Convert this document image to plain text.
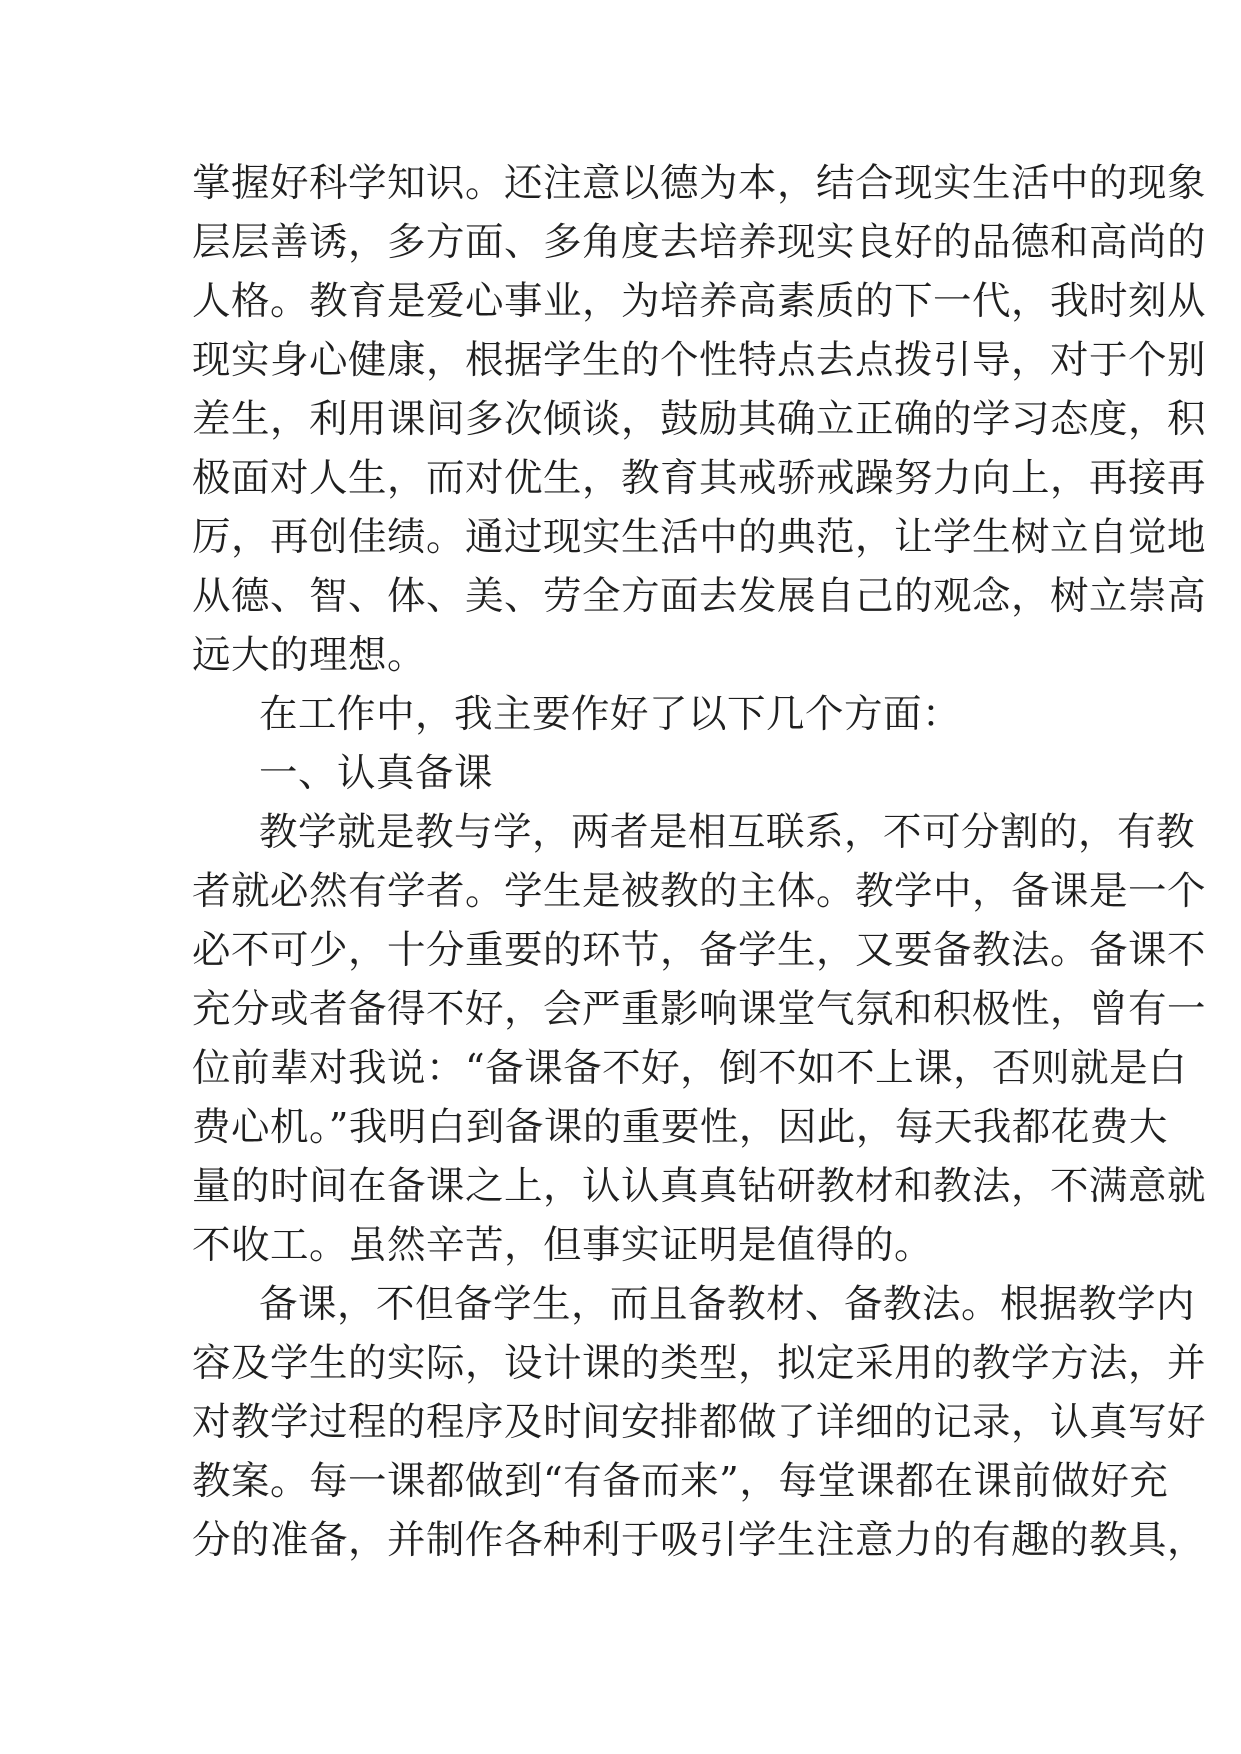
掌握好科学知识。还注意以德为本，结合现实生活中的现象
层层善诱，多方面、多角度去培养现实良好的品德和高尚的
人格。教育是爱心事业，为培养高素质的下一代，我时刻从
现实身心健康，根据学生的个性特点去点拨引导，对于个别
差生，利用课间多次倾谈，鼓励其确立正确的学习态度，积
极面对人生，而对优生，教育其戒骄戒躁努力向上，再接再
厉，再创佳绩。通过现实生活中的典范，让学生树立自觉地
从德、智、体、美、劳全方面去发展自己的观念，树立崇高
远大的理想。
在工作中，我主要作好了以下几个方面：
一、认真备课
教学就是教与学，两者是相互联系，不可分割的，有教
者就必然有学者。学生是被教的主体。教学中，备课是一个
必不可少，十分重要的环节，备学生，又要备教法。备课不
充分或者备得不好，会严重影响课堂气氛和积极性，曾有一
位前辈对我说：“备课备不好，倒不如不上课，否则就是白
费心机。”我明白到备课的重要性，因此，每天我都花费大
量的时间在备课之上，认认真真钻研教材和教法，不满意就
不收工。虽然辛苦，但事实证明是值得的。
备课，不但备学生，而且备教材、备教法。根据教学内
容及学生的实际，设计课的类型，拟定采用的教学方法，并
对教学过程的程序及时间安排都做了详细的记录，认真写好
教案。每一课都做到“有备而来”，每堂课都在课前做好充
分的准备，并制作各种利于吸引学生注意力的有趣的教具，
